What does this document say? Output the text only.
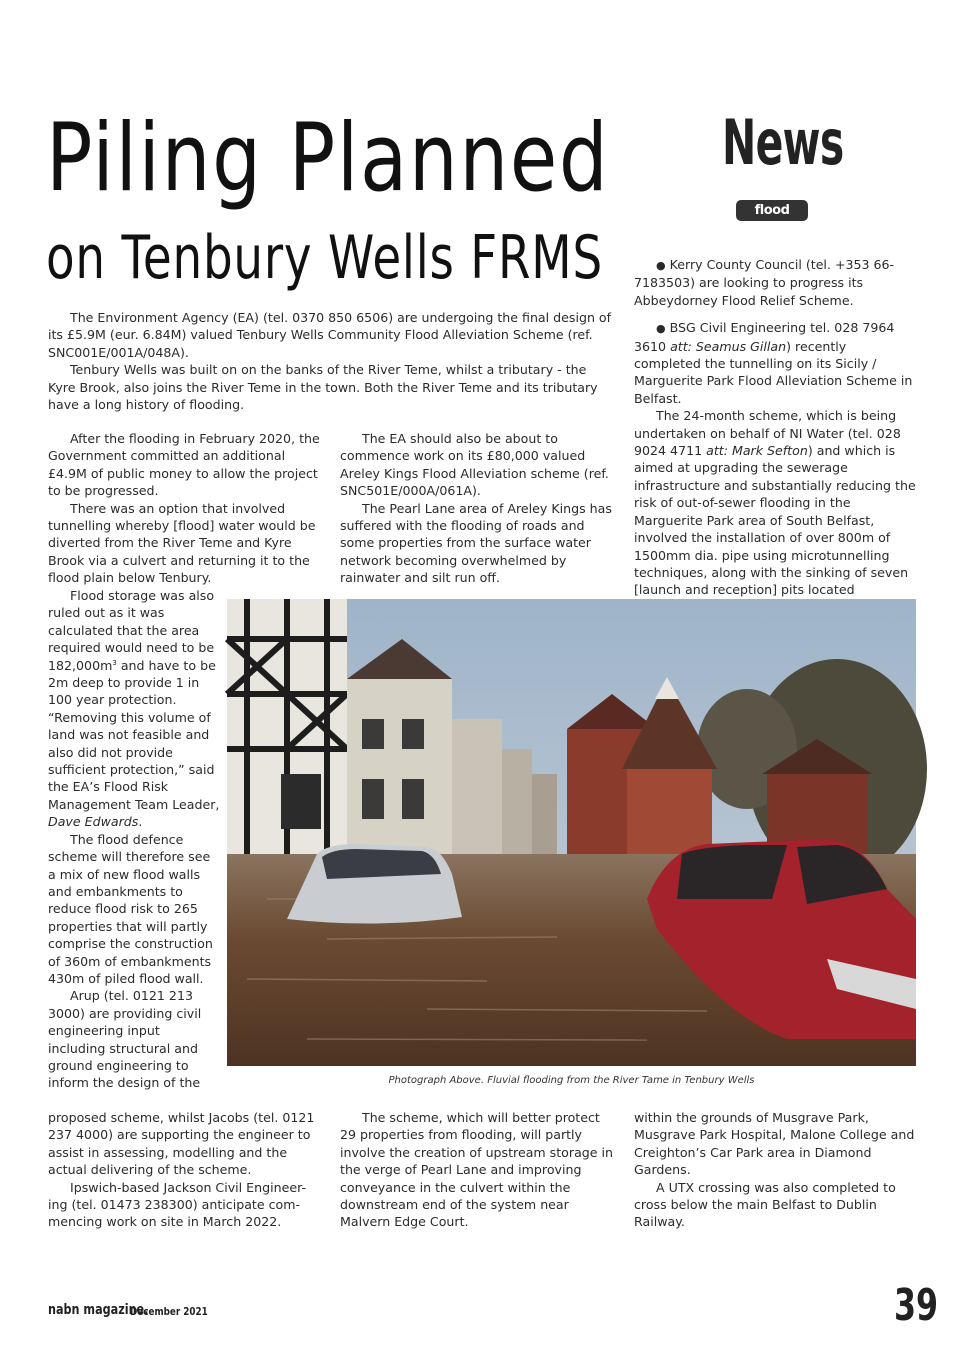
Piling Planned
on Tenbury Wells FRMS
News
flood

The Environment Agency (EA) (tel. 0370 850 6506) are undergoing the final design of its £5.9M (eur. 6.84M) valued Tenbury Wells Community Flood Alleviation Scheme (ref. SNC001E/001A/048A).

Tenbury Wells was built on on the banks of the River Teme, whilst a tributary - the Kyre Brook, also joins the River Teme in the town. Both the River Teme and its tributary have a long history of flooding.

After the flooding in February 2020, the Government committed an additional £4.9M of public money to allow the project to be progressed.

There was an option that involved tunnelling whereby [flood] water would be diverted from the River Teme and Kyre Brook via a culvert and returning it to the flood plain below Tenbury.

The EA should also be about to commence work on its £80,000 valued Areley Kings Flood Alleviation scheme (ref. SNC501E/000A/061A).

The Pearl Lane area of Areley Kings has suffered with the flooding of roads and some properties from the surface water network becoming overwhelmed by rainwater and silt run off.

● Kerry County Council (tel. +353 66-7183503) are looking to progress its Abbeydorney Flood Relief Scheme.

● BSG Civil Engineering tel. 028 7964 3610 att: Seamus Gillan) recently completed the tunnelling on its Sicily / Marguerite Park Flood Alleviation Scheme in Belfast.

The 24-month scheme, which is being undertaken on behalf of NI Water (tel. 028 9024 4711 att: Mark Sefton) and which is aimed at upgrading the sewerage infrastructure and substantially reducing the risk of out-of-sewer flooding in the Marguerite Park area of South Belfast, involved the installation of over 800m of 1500mm dia. pipe using microtunnelling techniques, along with the sinking of seven [launch and reception] pits located

Flood storage was also ruled out as it was calculated that the area required would need to be $182,000m^3$ and have to be 2m deep to provide 1 in 100 year protection. “Removing this volume of land was not feasible and also did not provide sufficient protection,” said the EA’s Flood Risk Management Team Leader, Dave Edwards.

The flood defence scheme will therefore see a mix of new flood walls and embankments to reduce flood risk to 265 properties that will partly comprise the construction of 360m of embankments 430m of piled flood wall.

Arup (tel. 0121 213 3000) are providing civil engineering input including structural and ground engineering to inform the design of the	Photograph Above. Fluvial flooding from the River Tame in Tenbury Wells

proposed scheme, whilst Jacobs (tel. 0121 237 4000) are supporting the engineer to assist in assessing, modelling and the actual delivering of the scheme.

Ipswich-based Jackson Civil Engineer-ing (tel. 01473 238300) anticipate com-mencing work on site in March 2022.

The scheme, which will better protect 29 properties from flooding, will partly involve the creation of upstream storage in the verge of Pearl Lane and improving conveyance in the culvert within the downstream end of the system near Malvern Edge Court.

within the grounds of Musgrave Park, Musgrave Park Hospital, Malone College and Creighton’s Car Park area in Diamond Gardens.

A UTX crossing was also completed to cross below the main Belfast to Dublin Railway.

nabn magazine.
December 2021	39
